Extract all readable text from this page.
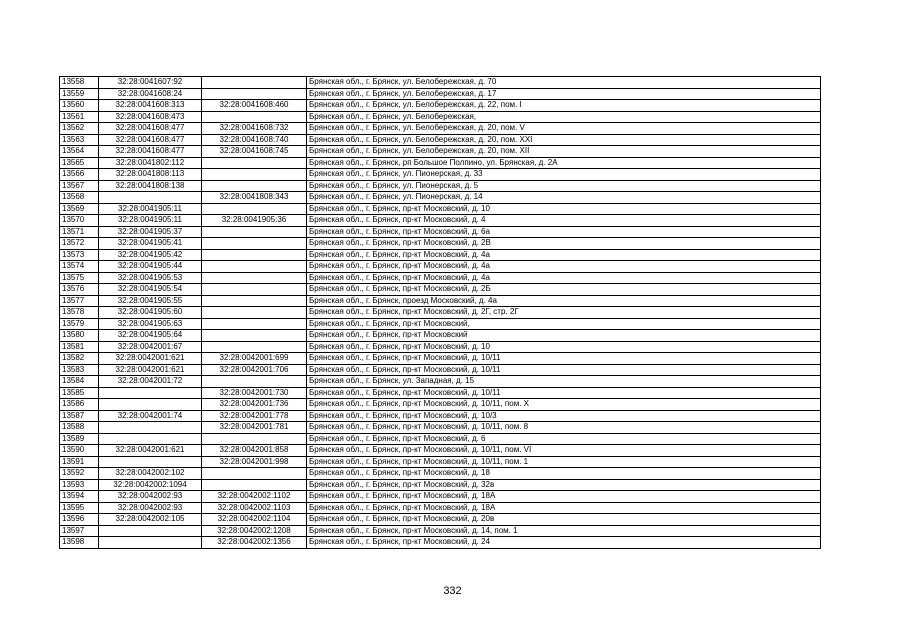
13558	32:28:0041607:92		Брянская обл., г. Брянск, ул. Белобережская, д. 70
13559	32:28:0041608:24		Брянская обл., г. Брянск, ул. Белобережская, д. 17
13560	32:28:0041608:313	32:28:0041608:460	Брянская обл., г. Брянск, ул. Белобережская, д. 22, пом. I
13561	32:28:0041608:473		Брянская обл., г. Брянск, ул. Белобережская,
13562	32:28:0041608:477	32:28:0041608:732	Брянская обл., г. Брянск, ул. Белобережская, д. 20, пом. V
13563	32:28:0041608:477	32:28:0041608:740	Брянская обл., г. Брянск, ул. Белобережская, д. 20, пом. XXI
13564	32:28:0041608:477	32:28:0041608:745	Брянская обл., г. Брянск, ул. Белобережская, д. 20, пом. XII
13565	32:28:0041802:112		Брянская обл., г. Брянск, рп Большое Полпино, ул. Брянская, д. 2А
13566	32:28:0041808:113		Брянская обл., г. Брянск, ул. Пионерская, д. 33
13567	32:28:0041808:138		Брянская обл., г. Брянск, ул. Пионерская, д. 5
13568		32:28:0041808:343	Брянская обл., г. Брянск, ул. Пионерская, д. 14
13569	32:28:0041905:11		Брянская обл., г. Брянск, пр-кт Московский, д. 10
13570	32:28:0041905:11	32:28:0041905:36	Брянская обл., г. Брянск, пр-кт Московский, д. 4
13571	32:28:0041905:37		Брянская обл., г. Брянск, пр-кт Московский, д. 6а
13572	32:28:0041905:41		Брянская обл., г. Брянск, пр-кт Московский, д. 2В
13573	32:28:0041905:42		Брянская обл., г. Брянск, пр-кт Московский, д. 4а
13574	32:28:0041905:44		Брянская обл., г. Брянск, пр-кт Московский, д. 4а
13575	32:28:0041905:53		Брянская обл., г. Брянск, пр-кт Московский, д. 4а
13576	32:28:0041905:54		Брянская обл., г. Брянск, пр-кт Московский, д. 2Б
13577	32:28:0041905:55		Брянская обл., г. Брянск, проезд Московский, д. 4а
13578	32:28:0041905:60		Брянская обл., г. Брянск, пр-кт Московский, д. 2Г, стр. 2Г
13579	32:28:0041905:63		Брянская обл., г. Брянск, пр-кт Московский,
13580	32:28:0041905:64		Брянская обл., г. Брянск, пр-кт Московский
13581	32:28:0042001:67		Брянская обл., г. Брянск, пр-кт Московский, д. 10
13582	32:28:0042001:621	32:28:0042001:699	Брянская обл., г. Брянск, пр-кт Московский, д. 10/11
13583	32:28:0042001:621	32:28:0042001:706	Брянская обл., г. Брянск, пр-кт Московский, д. 10/11
13584	32:28:0042001:72		Брянская обл., г. Брянск, ул. Западная, д. 15
13585		32:28:0042001:730	Брянская обл., г. Брянск, пр-кт Московский, д. 10/11
13586		32:28:0042001:736	Брянская обл., г. Брянск, пр-кт Московский, д. 10/11, пом. X
13587	32:28:0042001:74	32:28:0042001:778	Брянская обл., г. Брянск, пр-кт Московский, д. 10/3
13588		32:28:0042001:781	Брянская обл., г. Брянск, пр-кт Московский, д. 10/11, пом. 8
13589			Брянская обл., г. Брянск, пр-кт Московский, д. 6
13590	32:28:0042001:621	32:28:0042001:858	Брянская обл., г. Брянск, пр-кт Московский, д. 10/11, пом. VI
13591		32:28:0042001:998	Брянская обл., г. Брянск, пр-кт Московский, д. 10/11, пом. 1
13592	32:28:0042002:102		Брянская обл., г. Брянск, пр-кт Московский, д. 18
13593	32:28:0042002:1094		Брянская обл., г. Брянск, пр-кт Московский, д. 32в
13594	32:28:0042002:93	32:28:0042002:1102	Брянская обл., г. Брянск, пр-кт Московский, д. 18А
13595	32:28:0042002:93	32:28:0042002:1103	Брянская обл., г. Брянск, пр-кт Московский, д. 18А
13596	32:28:0042002:105	32:28:0042002:1104	Брянская обл., г. Брянск, пр-кт Московский, д. 20в
13597		32:28:0042002:1208	Брянская обл., г. Брянск, пр-кт Московский, д. 14, пом. 1
13598		32:28:0042002:1356	Брянская обл., г. Брянск, пр-кт Московский, д. 24
332
